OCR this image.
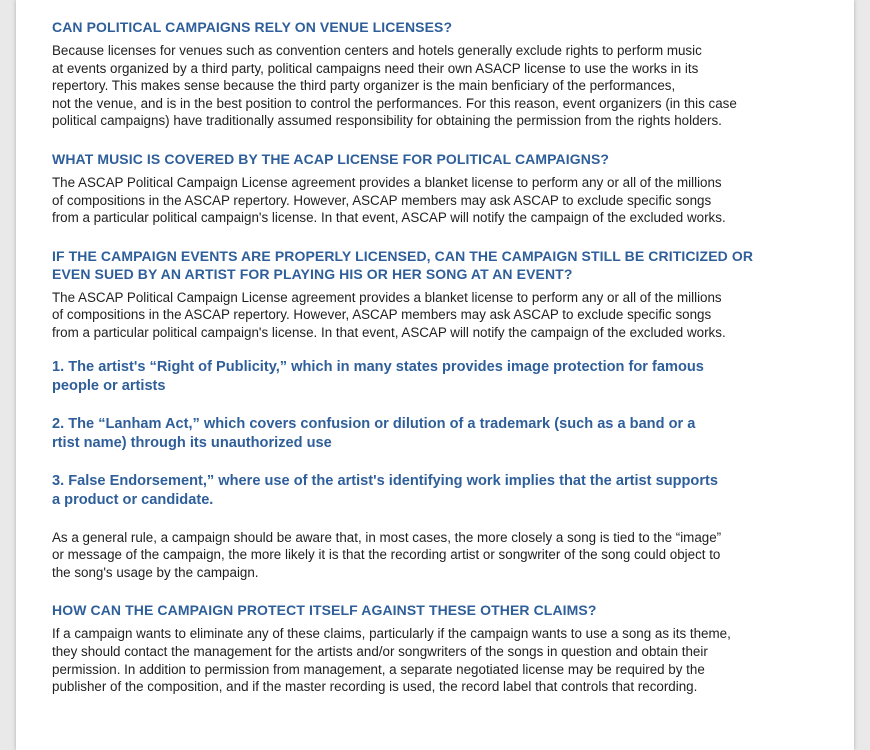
CAN POLITICAL CAMPAIGNS RELY ON VENUE LICENSES?

Because licenses for venues such as convention centers and hotels generally exclude rights to perform music
at events organized by a third party, political campaigns need their own ASACP license to use the works in its
repertory. This makes sense because the third party organizer is the main benficiary of the performances,
not the venue, and is in the best position to control the performances. For this reason, event organizers (in this case
political campaigns) have traditionally assumed responsibility for obtaining the permission from the rights holders.

WHAT MUSIC IS COVERED BY THE ACAP LICENSE FOR POLITICAL CAMPAIGNS?

The ASCAP Political Campaign License agreement provides a blanket license to perform any or all of the millions
of compositions in the ASCAP repertory. However, ASCAP members may ask ASCAP to exclude specific songs
from a particular political campaign's license. In that event, ASCAP will notify the campaign of the excluded works.

IF THE CAMPAIGN EVENTS ARE PROPERLY LICENSED, CAN THE CAMPAIGN STILL BE CRITICIZED OR
EVEN SUED BY AN ARTIST FOR PLAYING HIS OR HER SONG AT AN EVENT?

The ASCAP Political Campaign License agreement provides a blanket license to perform any or all of the millions
of compositions in the ASCAP repertory. However, ASCAP members may ask ASCAP to exclude specific songs
from a particular political campaign's license. In that event, ASCAP will notify the campaign of the excluded works.

1. The artist's “Right of Publicity,” which in many states provides image protection for famous
people or artists

2. The “Lanham Act,” which covers confusion or dilution of a trademark (such as a band or a
rtist name) through its unauthorized use

3. False Endorsement,” where use of the artist's identifying work implies that the artist supports
a product or candidate.

As a general rule, a campaign should be aware that, in most cases, the more closely a song is tied to the “image”
or message of the campaign, the more likely it is that the recording artist or songwriter of the song could object to
the song's usage by the campaign.

HOW CAN THE CAMPAIGN PROTECT ITSELF AGAINST THESE OTHER CLAIMS?

If a campaign wants to eliminate any of these claims, particularly if the campaign wants to use a song as its theme,
they should contact the management for the artists and/or songwriters of the songs in question and obtain their
permission. In addition to permission from management, a separate negotiated license may be required by the
publisher of the composition, and if the master recording is used, the record label that controls that recording.
